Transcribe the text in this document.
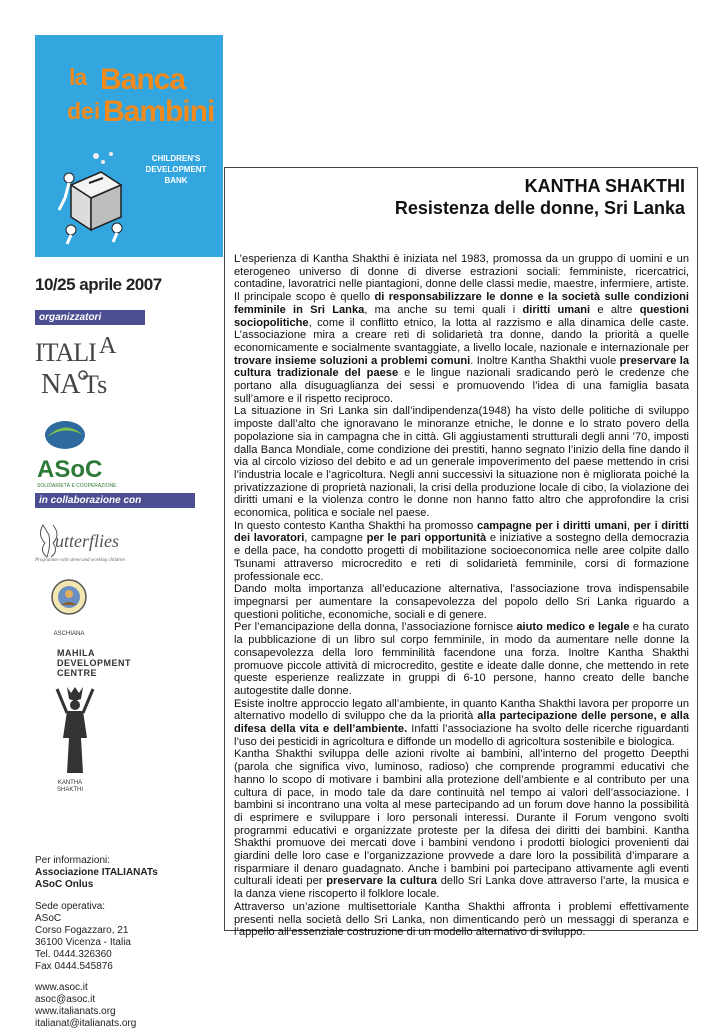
la Banca
dei Bambini
CHILDREN'S
DEVELOPMENT
BANK
10/25 aprile 2007
organizzatori
ITALI A
NA Ts
ASoC
SOLIDARIETÀ E COOPERAZIONE
in collaborazione con
utterflies
Programme with street and working children
ASCHIANA
MAHILA
DEVELOPMENT
CENTRE
KANTHA
SHAKTHI
Per informazioni:
Associazione ITALIANATs
ASoC Onlus
Sede operativa:
ASoC
Corso Fogazzaro, 21
36100 Vicenza - Italia
Tel. 0444.326360
Fax 0444.545876
www.asoc.it
asoc@asoc.it
www.italianats.org
italianat@italianats.org
KANTHA SHAKTHI
Resistenza delle donne, Sri Lanka

L’esperienza di Kantha Shakthi è iniziata nel 1983, promossa da un gruppo di uomini e un eterogeneo universo di donne di diverse estrazioni sociali: femministe, ricercatrici, contadine, lavoratrici nelle piantagioni, donne delle classi medie, maestre, infermiere, artiste. Il principale scopo è quello di responsabilizzare le donne e la società sulle condizioni femminile in Sri Lanka, ma anche su temi quali i diritti umani e altre questioni sociopolitiche, come il conflitto etnico, la lotta al razzismo e alla dinamica delle caste. L’associazione mira a creare reti di solidarietà tra donne, dando la priorità a quelle economicamente e socialmente svantaggiate, a livello locale, nazionale e internazionale per trovare insieme soluzioni a problemi comuni. Inoltre Kantha Shakthi vuole preservare la cultura tradizionale del paese e le lingue nazionali sradicando però le credenze che portano alla disuguaglianza dei sessi e promuovendo l’idea di una famiglia basata sull’amore e il rispetto reciproco.

La situazione in Sri Lanka sin dall’indipendenza(1948) ha visto delle politiche di sviluppo imposte dall’alto che ignoravano le minoranze etniche, le donne e lo strato povero della popolazione sia in campagna che in città. Gli aggiustamenti strutturali degli anni ’70, imposti dalla Banca Mondiale, come condizione dei prestiti, hanno segnato l’inizio della fine dando il via al circolo vizioso del debito e ad un generale impoverimento del paese mettendo in crisi l’industria locale e l’agricoltura. Negli anni successivi la situazione non è migliorata poiché la privatizzazione di proprietà nazionali, la crisi della produzione locale di cibo, la violazione dei diritti umani e la violenza contro le donne non hanno fatto altro che approfondire la crisi economica, politica e sociale nel paese.

In questo contesto Kantha Shakthi ha promosso campagne per i diritti umani, per i diritti dei lavoratori, campagne per le pari opportunità e iniziative a sostegno della democrazia e della pace, ha condotto progetti di mobilitazione socioeconomica nelle aree colpite dallo Tsunami attraverso microcredito e reti di solidarietà femminile, corsi di formazione professionale ecc.

Dando molta importanza all’educazione alternativa, l’associazione trova indispensabile impegnarsi per aumentare la consapevolezza del popolo dello Sri Lanka riguardo a questioni politiche, economiche, sociali e di genere.

Per l’emancipazione della donna, l’associazione fornisce aiuto medico e legale e ha curato la pubblicazione di un libro sul corpo femminile, in modo da aumentare nelle donne la consapevolezza della loro femminilità facendone una forza. Inoltre Kantha Shakthi promuove piccole attività di microcredito, gestite e ideate dalle donne, che mettendo in rete queste esperienze realizzate in gruppi di 6-10 persone, hanno creato delle banche autogestite dalle donne.

Esiste inoltre approccio legato all’ambiente, in quanto Kantha Shakthi lavora per proporre un alternativo modello di sviluppo che da la priorità alla partecipazione delle persone, e alla difesa della vita e dell’ambiente. Infatti l’associazione ha svolto delle ricerche riguardanti l’uso dei pesticidi in agricoltura e diffonde un modello di agricoltura sostenibile e biologica.

Kantha Shakthi sviluppa delle azioni rivolte ai bambini, all’interno del progetto Deepthi (parola che significa vivo, luminoso, radioso) che comprende programmi educativi che hanno lo scopo di motivare i bambini alla protezione dell’ambiente e al contributo per una cultura di pace, in modo tale da dare continuità nel tempo ai valori dell’associazione. I bambini si incontrano una volta al mese partecipando ad un forum dove hanno la possibilità di esprimere e sviluppare i loro personali interessi. Durante il Forum vengono svolti programmi educativi e organizzate proteste per la difesa dei diritti dei bambini. Kantha Shakthi promuove dei mercati dove i bambini vendono i prodotti biologici provenienti dai giardini delle loro case e l’organizzazione provvede a dare loro la possibilità d’imparare a risparmiare il denaro guadagnato. Anche i bambini poi partecipano attivamente agli eventi culturali ideati per preservare la cultura dello Sri Lanka dove attraverso l’arte, la musica e la danza viene riscoperto il folklore locale.

Attraverso un’azione multisettoriale Kantha Shakthi affronta i problemi effettivamente presenti nella società dello Sri Lanka, non dimenticando però un messaggi di speranza e l’appello all’essenziale costruzione di un modello alternativo di sviluppo.
